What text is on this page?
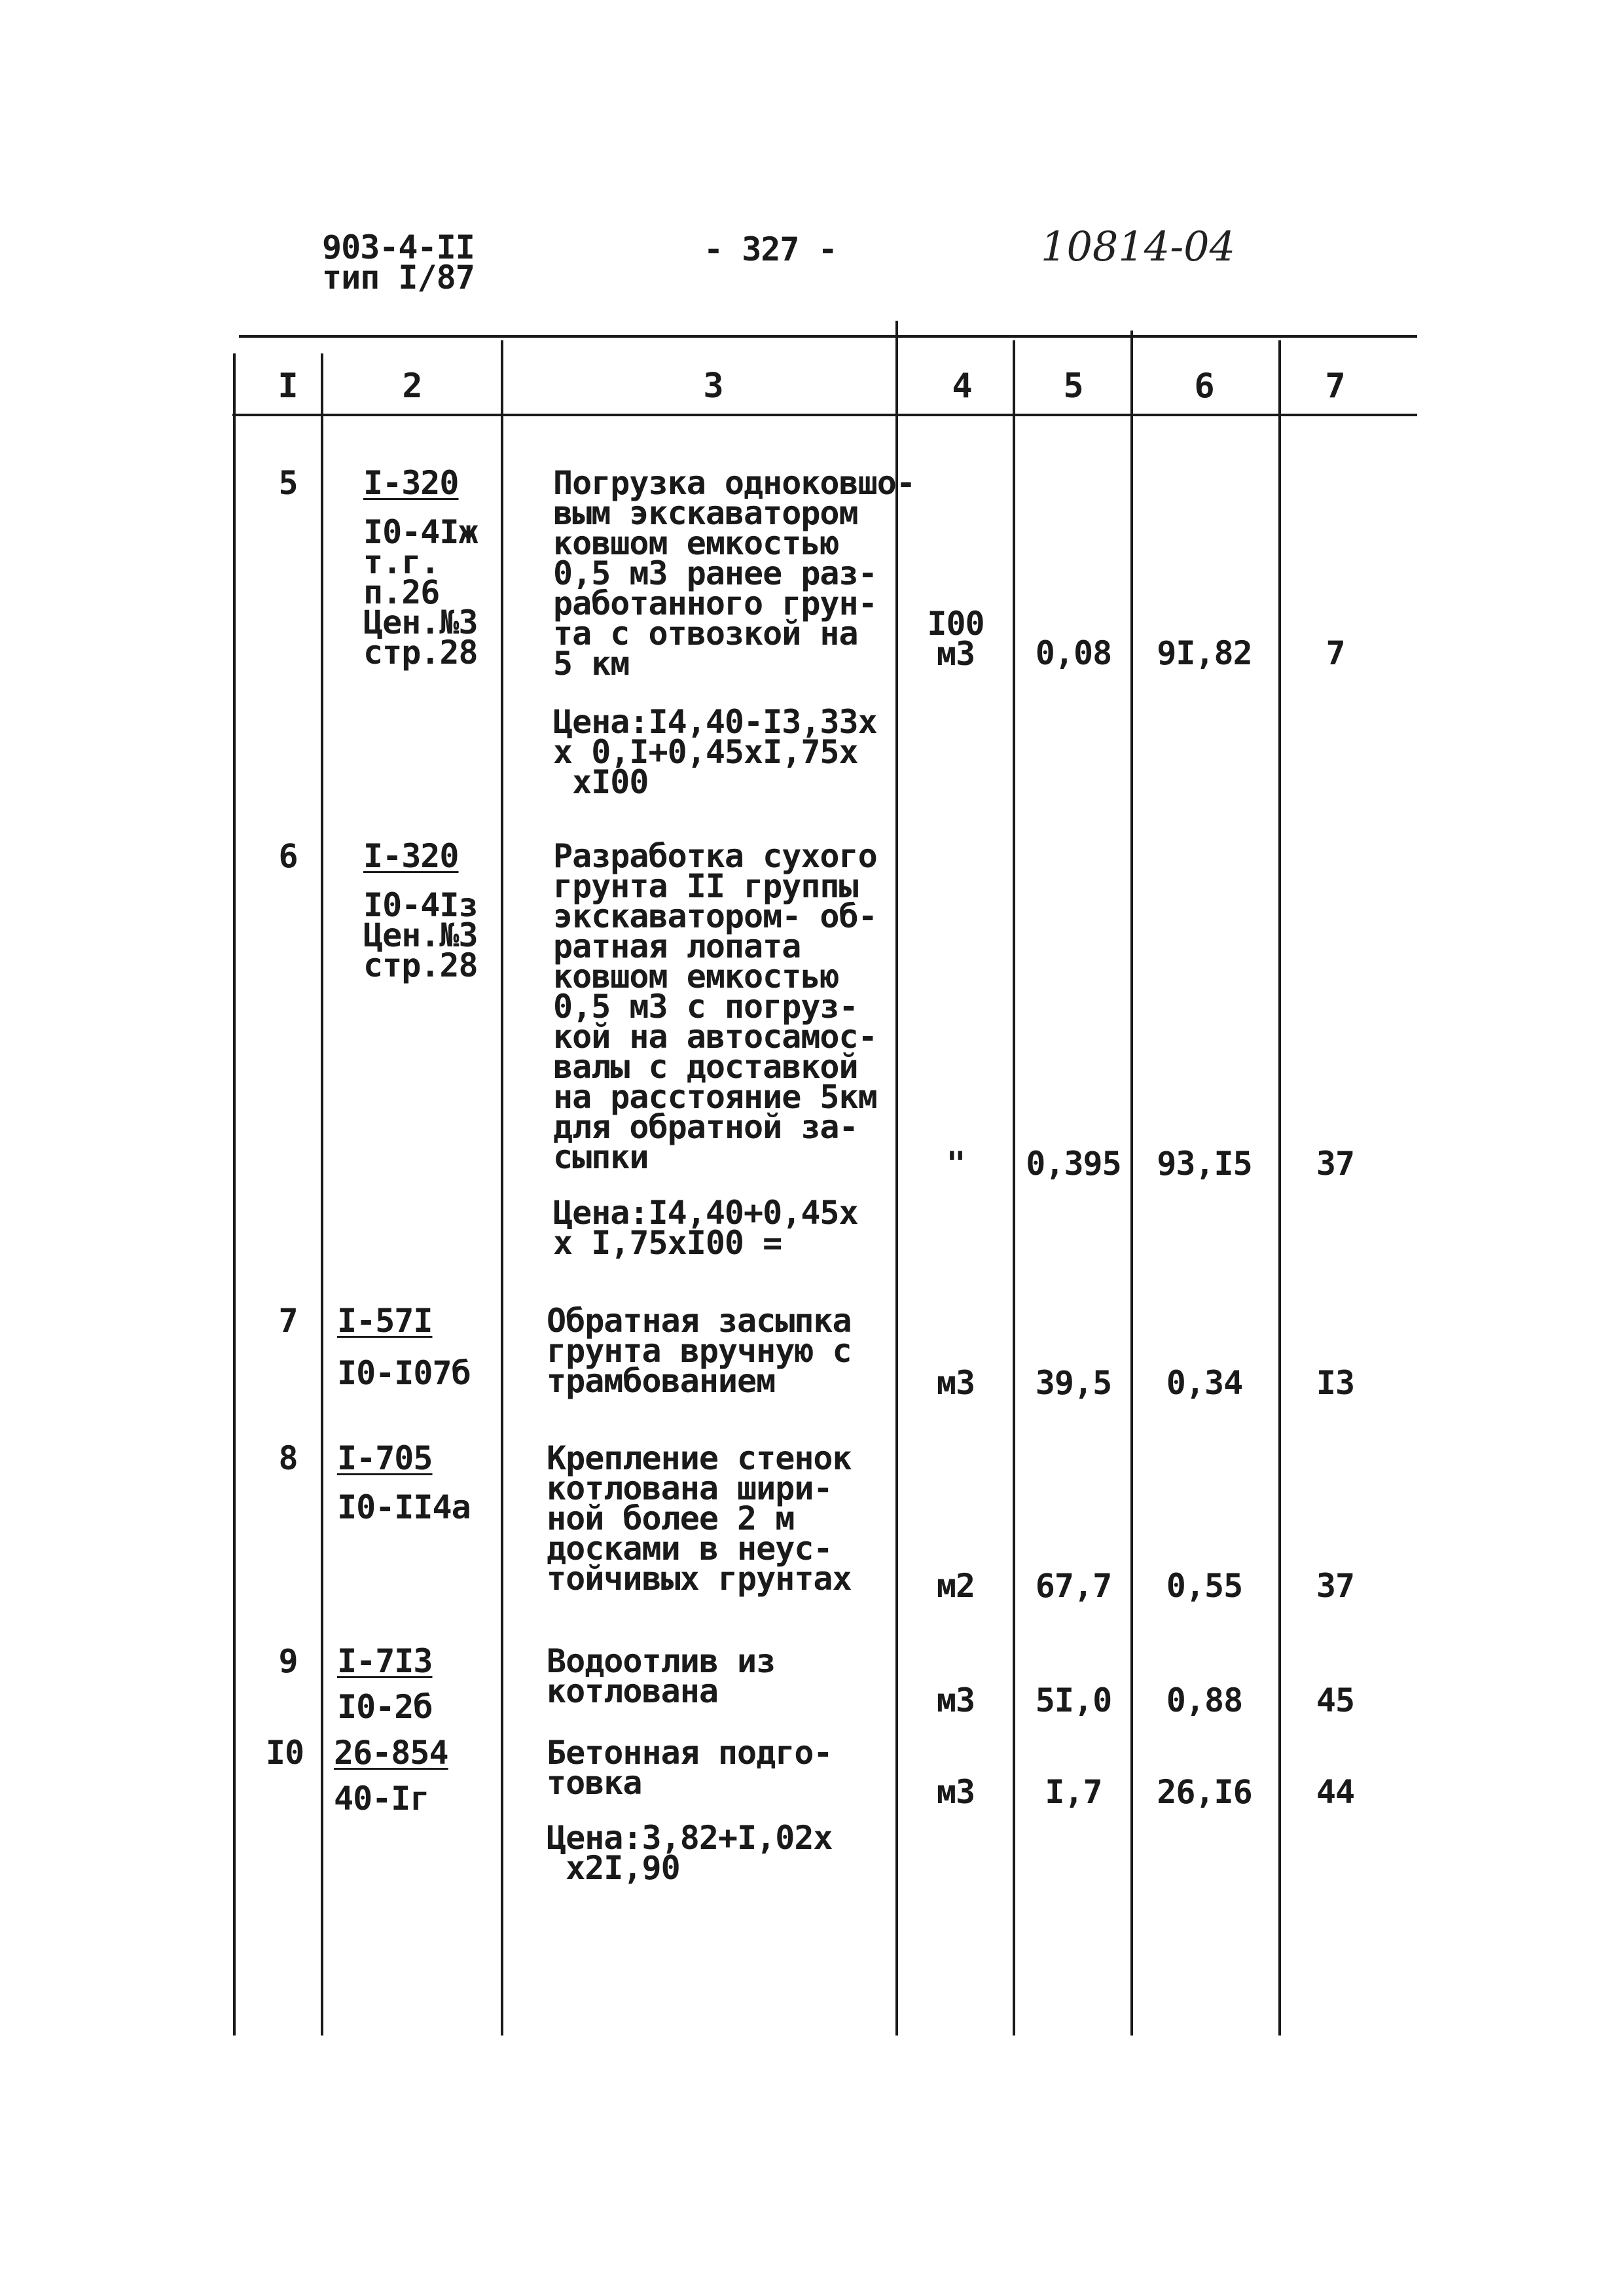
903-4-II
тип I/87
- 327 -	10814-04
I	2	3	4	5	6	7
5	I-320
I0-4Iж
т.г.
п.26
Цен.№3
стр.28
Погрузка одноковшо-
вым экскаватором
ковшом емкостью
0,5 м3 ранее раз-
работанного грун-
та с отвозкой на
5 км
Цена:I4,40-I3,33х
х 0,I+0,45хI,75х
хI00
I00
м3	0,08	9I,82	7
6	I-320
I0-4Iз
Цен.№3
стр.28
Разработка сухого
грунта II группы
экскаватором- об-
ратная лопата
ковшом емкостью
0,5 м3 с погруз-
кой на автосамос-
валы с доставкой
на расстояние 5км
для обратной за-
сыпки
Цена:I4,40+0,45х
х I,75хI00 =
"	0,395	93,I5	37
7	I-57I
I0-I07б
Обратная засыпка
грунта вручную с
трамбованием	м3	39,5	0,34	I3
8	I-705
I0-II4а
Крепление стенок
котлована шири-
ной более 2 м
досками в неус-
тойчивых грунтах	м2	67,7	0,55	37
9	I-7I3
I0-2б
Водоотлив из
котлована	м3	5I,0	0,88	45
I0 26-854
40-Iг
Бетонная подго-
товка
Цена:3,82+I,02х
х2I,90
м3	I,7	26,I6	44
